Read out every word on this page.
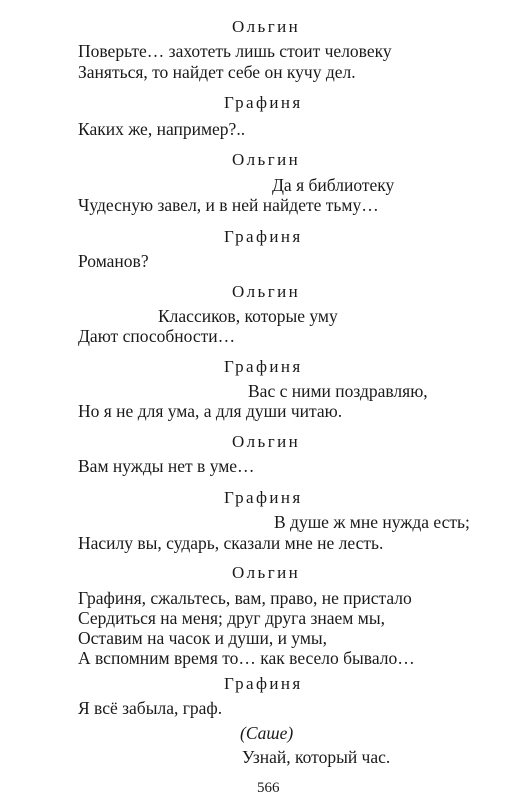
Ольгин
Поверьте… захотеть лишь стоит человеку
Заняться, то найдет себе он кучу дел.
Графиня
Каких же, например?..
Ольгин
Да я библиотеку
Чудесную завел, и в ней найдете тьму…
Графиня
Романов?
Ольгин
Классиков, которые уму
Дают способности…
Графиня
Вас с ними поздравляю,
Но я не для ума, а для души читаю.
Ольгин
Вам нужды нет в уме…
Графиня
В душе ж мне нужда есть;
Насилу вы, сударь, сказали мне не лесть.
Ольгин
Графиня, сжальтесь, вам, право, не пристало
Сердиться на меня; друг друга знаем мы,
Оставим на часок и души, и умы,
А вспомним время то… как весело бывало…
Графиня
Я всё забыла, граф.
(Саше)
Узнай, который час.
566
